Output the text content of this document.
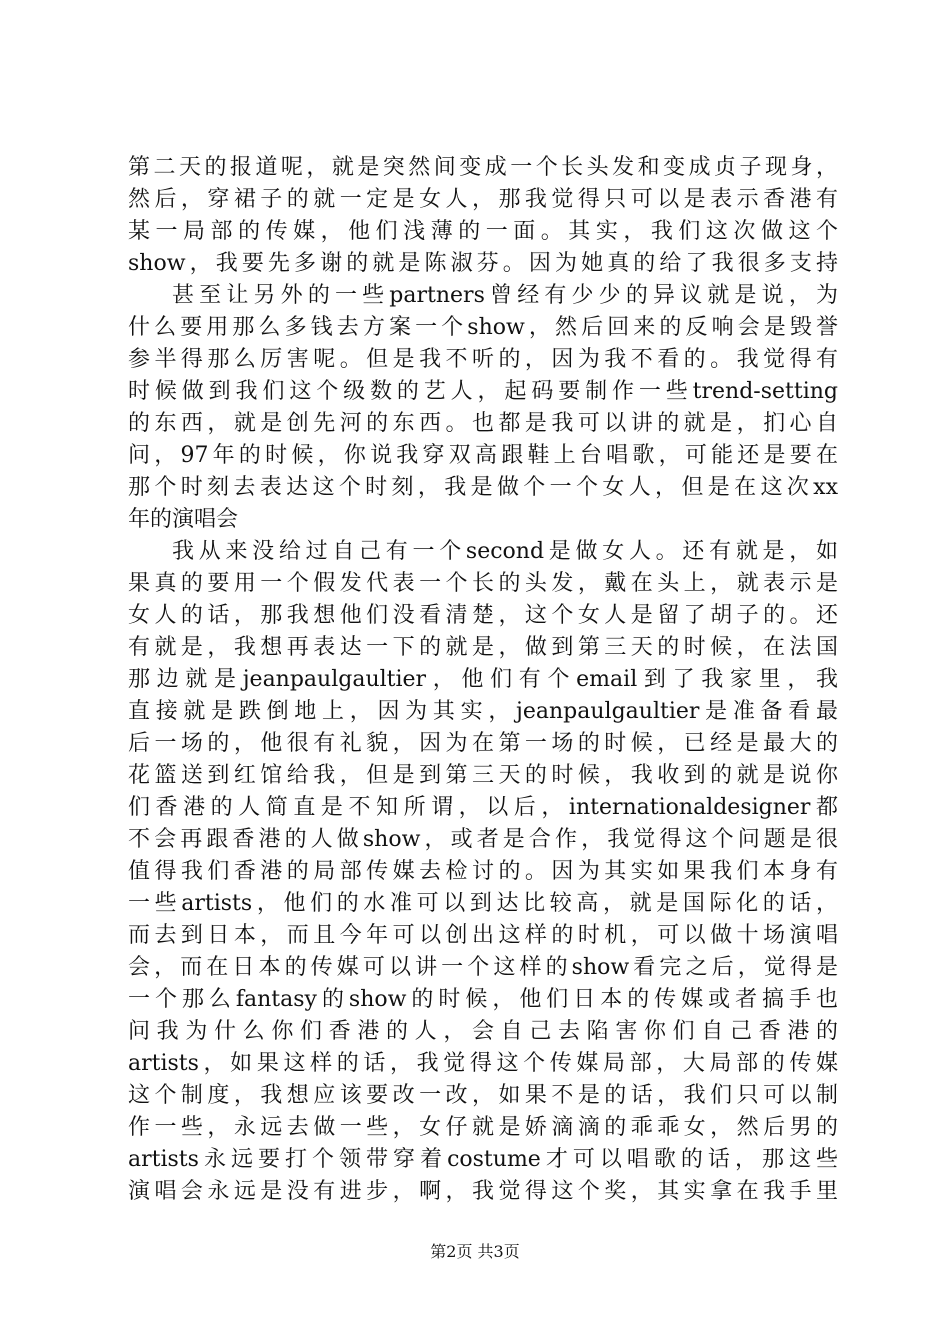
第二天的报道呢，就是突然间变成一个长头发和变成贞子现身，
然后，穿裙子的就一定是女人，那我觉得只可以是表示香港有
某一局部的传媒，他们浅薄的一面。其实，我们这次做这个
show，我要先多谢的就是陈淑芬。因为她真的给了我很多支持
甚至让另外的一些partners曾经有少少的异议就是说，为
什么要用那么多钱去方案一个show，然后回来的反响会是毁誉
参半得那么厉害呢。但是我不听的，因为我不看的。我觉得有
时候做到我们这个级数的艺人，起码要制作一些trend-setting
的东西，就是创先河的东西。也都是我可以讲的就是，扪心自
问，97年的时候，你说我穿双高跟鞋上台唱歌，可能还是要在
那个时刻去表达这个时刻，我是做个一个女人，但是在这次xx
年的演唱会
我从来没给过自己有一个second是做女人。还有就是，如
果真的要用一个假发代表一个长的头发，戴在头上，就表示是
女人的话，那我想他们没看清楚，这个女人是留了胡子的。还
有就是，我想再表达一下的就是，做到第三天的时候，在法国
那边就是jeanpaulgaultier，他们有个email到了我家里，我
直接就是跌倒地上，因为其实，jeanpaulgaultier是准备看最
后一场的，他很有礼貌，因为在第一场的时候，已经是最大的
花篮送到红馆给我，但是到第三天的时候，我收到的就是说你
们香港的人简直是不知所谓，以后，internationaldesigner都
不会再跟香港的人做show，或者是合作，我觉得这个问题是很
值得我们香港的局部传媒去检讨的。因为其实如果我们本身有
一些artists，他们的水准可以到达比较高，就是国际化的话，
而去到日本，而且今年可以创出这样的时机，可以做十场演唱
会，而在日本的传媒可以讲一个这样的show看完之后，觉得是
一个那么fantasy的show的时候，他们日本的传媒或者搞手也
问我为什么你们香港的人，会自己去陷害你们自己香港的
artists，如果这样的话，我觉得这个传媒局部，大局部的传媒
这个制度，我想应该要改一改，如果不是的话，我们只可以制
作一些，永远去做一些，女仔就是娇滴滴的乖乖女，然后男的
artists永远要打个领带穿着costume才可以唱歌的话，那这些
演唱会永远是没有进步，啊，我觉得这个奖，其实拿在我手里
第2页 共3页
